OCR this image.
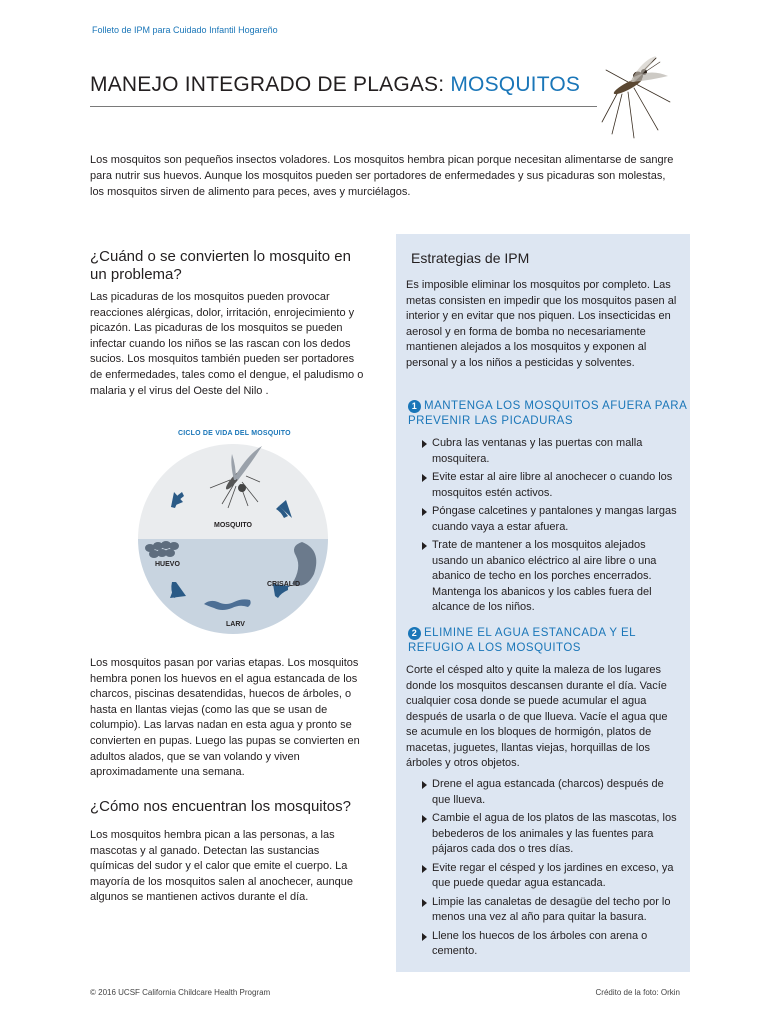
Folleto de IPM para Cuidado Infantil Hogareño
MANEJO INTEGRADO DE PLAGAS: MOSQUITOS

Los mosquitos son pequeños insectos voladores. Los mosquitos hembra pican porque necesitan alimentarse de sangre para nutrir sus huevos. Aunque los mosquitos pueden ser portadores de enfermedades y sus picaduras son molestas, los mosquitos sirven de alimento para peces, aves y murciélagos.

¿Cuánd o se convierten lo mosquito en un problema?

Las picaduras de los mosquitos pueden provocar reacciones alérgicas, dolor, irritación, enrojecimiento y picazón. Las picaduras de los mosquitos se pueden infectar cuando los niños se las rascan con los dedos sucios. Los mosquitos también pueden ser portadores de enfermedades, tales como el dengue, el paludismo o malaria y el virus del Oeste del Nilo .

CICLO DE VIDA DEL MOSQUITO
MOSQUITO
HUEVO
CRISALID
LARV

Los mosquitos pasan por varias etapas. Los mosquitos hembra ponen los huevos en el agua estancada de los charcos, piscinas desatendidas, huecos de árboles, o hasta en llantas viejas (como las que se usan de columpio). Las larvas nadan en esta agua y pronto se convierten en pupas. Luego las pupas se convierten en adultos alados, que se van volando y viven aproximadamente una semana.

¿Cómo nos encuentran los mosquitos?

Los mosquitos hembra pican a las personas, a las mascotas y al ganado. Detectan las sustancias químicas del sudor y el calor que emite el cuerpo. La mayoría de los mosquitos salen al anochecer, aunque algunos se mantienen activos durante el día.

Estrategias de IPM

Es imposible eliminar los mosquitos por completo. Las metas consisten en impedir que los mosquitos pasen al interior y en evitar que nos piquen. Los insecticidas en aerosol y en forma de bomba no necesariamente mantienen alejados a los mosquitos y exponen al personal y a los niños a pesticidas y solventes.

1 MANTENGA LOS MOSQUITOS AFUERA PARA PREVENIR LAS PICADURAS
Cubra las ventanas y las puertas con malla mosquitera.
Evite estar al aire libre al anochecer o cuando los mosquitos estén activos.
Póngase calcetines y pantalones y mangas largas cuando vaya a estar afuera.
Trate de mantener a los mosquitos alejados usando un abanico eléctrico al aire libre o una abanico de techo en los porches encerrados. Mantenga los abanicos y los cables fuera del alcance de los niños.
2 ELIMINE EL AGUA ESTANCADA Y EL REFUGIO A LOS MOSQUITOS

Corte el césped alto y quite la maleza de los lugares donde los mosquitos descansen durante el día. Vacíe cualquier cosa donde se puede acumular el agua después de usarla o de que llueva. Vacíe el agua que se acumule en los bloques de hormigón, platos de macetas, juguetes, llantas viejas, horquillas de los árboles y otros objetos.

Drene el agua estancada (charcos) después de que llueva.
Cambie el agua de los platos de las mascotas, los bebederos de los animales y las fuentes para pájaros cada dos o tres días.
Evite regar el césped y los jardines en exceso, ya que puede quedar agua estancada.
Limpie las canaletas de desagüe del techo por lo menos una vez al año para quitar la basura.
Llene los huecos de los árboles con arena o cemento.
© 2016 UCSF California Childcare Health Program	Crédito de la foto: Orkin
